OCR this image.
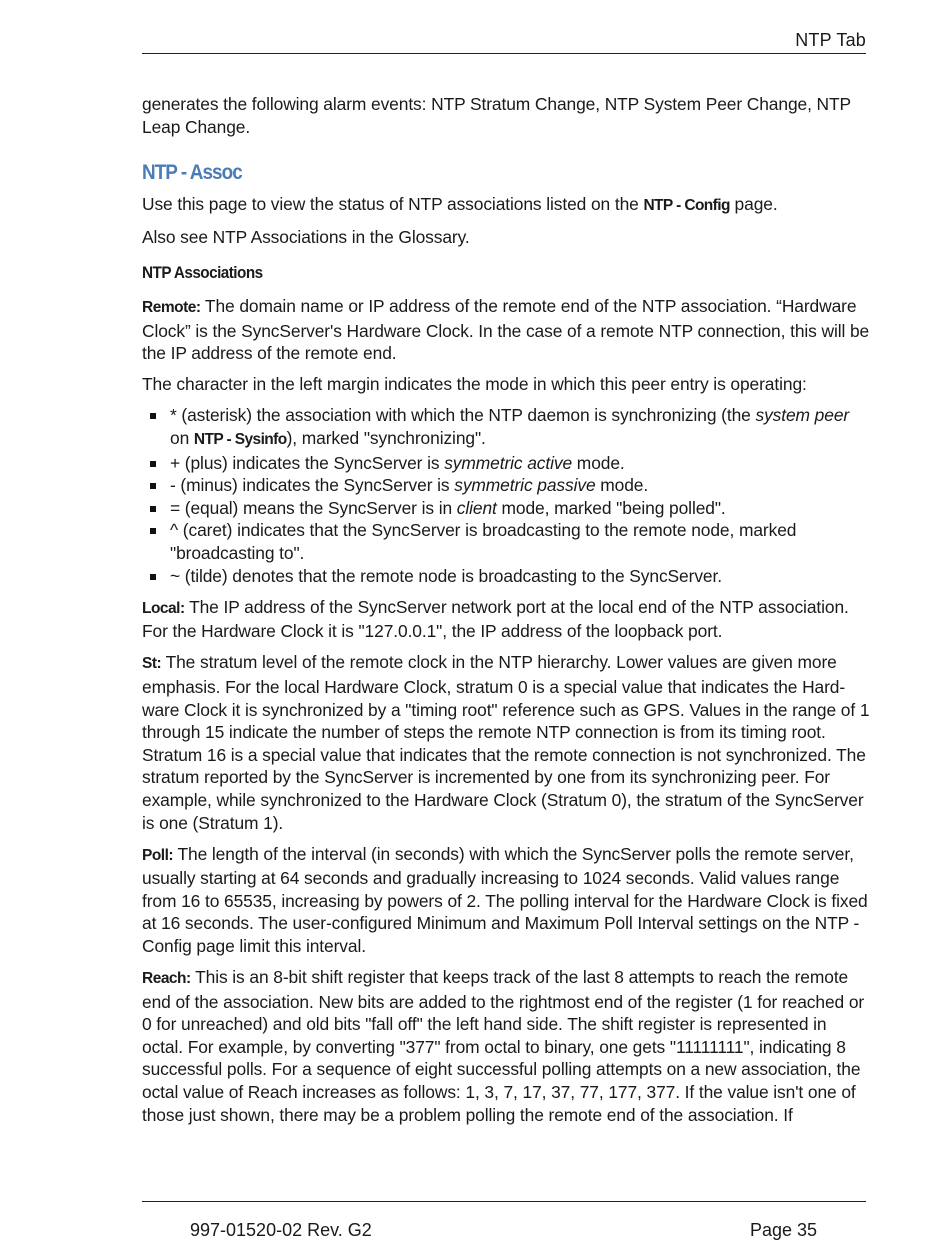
NTP Tab

generates the following alarm events: NTP Stratum Change, NTP System Peer Change, NTP Leap Change.

NTP - Assoc

Use this page to view the status of NTP associations listed on the NTP - Config page.

Also see NTP Associations in the Glossary.

NTP Associations

Remote: The domain name or IP address of the remote end of the NTP association. “Hardware Clock” is the SyncServer's Hardware Clock. In the case of a remote NTP connection, this will be the IP address of the remote end.

The character in the left margin indicates the mode in which this peer entry is operating:

* (asterisk) the association with which the NTP daemon is synchronizing (the system peer on NTP - Sysinfo), marked "synchronizing".
+ (plus) indicates the SyncServer is symmetric active mode.
- (minus) indicates the SyncServer is symmetric passive mode.
= (equal) means the SyncServer is in client mode, marked "being polled".
^ (caret) indicates that the SyncServer is broadcasting to the remote node, marked "broadcasting to".
~ (tilde) denotes that the remote node is broadcasting to the SyncServer.

Local: The IP address of the SyncServer network port at the local end of the NTP association. For the Hardware Clock it is "127.0.0.1", the IP address of the loopback port.

St: The stratum level of the remote clock in the NTP hierarchy. Lower values are given more emphasis. For the local Hardware Clock, stratum 0 is a special value that indicates the Hardware Clock it is synchronized by a "timing root" reference such as GPS. Values in the range of 1 through 15 indicate the number of steps the remote NTP connection is from its timing root. Stratum 16 is a special value that indicates that the remote connection is not synchronized. The stratum reported by the SyncServer is incremented by one from its synchronizing peer. For example, while synchronized to the Hardware Clock (Stratum 0), the stratum of the SyncServer is one (Stratum 1).

Poll: The length of the interval (in seconds) with which the SyncServer polls the remote server, usually starting at 64 seconds and gradually increasing to 1024 seconds. Valid values range from 16 to 65535, increasing by powers of 2. The polling interval for the Hardware Clock is fixed at 16 seconds. The user-configured Minimum and Maximum Poll Interval settings on the NTP - Config page limit this interval.

Reach: This is an 8-bit shift register that keeps track of the last 8 attempts to reach the remote end of the association. New bits are added to the rightmost end of the register (1 for reached or 0 for unreached) and old bits "fall off" the left hand side. The shift register is represented in octal. For example, by converting "377" from octal to binary, one gets "11111111", indicating 8 successful polls. For a sequence of eight successful polling attempts on a new association, the octal value of Reach increases as follows: 1, 3, 7, 17, 37, 77, 177, 377. If the value isn't one of those just shown, there may be a problem polling the remote end of the association. If

997-01520-02 Rev. G2	Page 35
